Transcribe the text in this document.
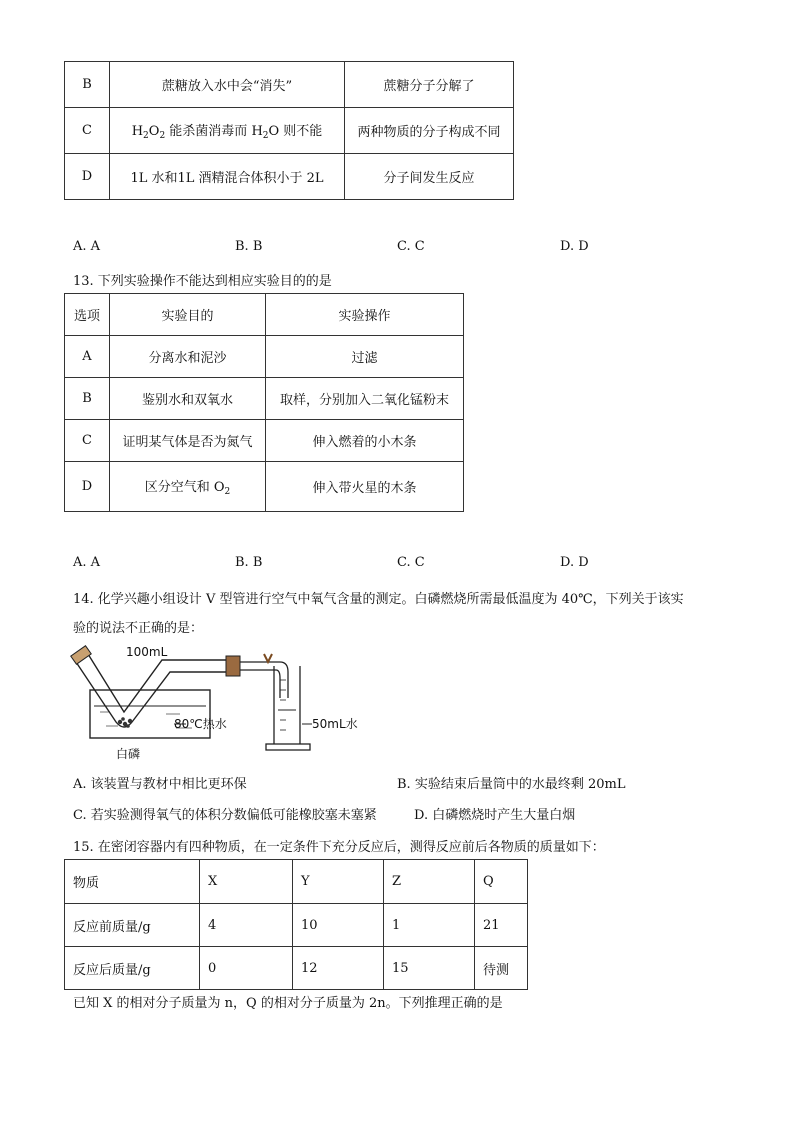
B	蔗糖放入水中会“消失”	蔗糖分子分解了
C	$H_2O_2$ 能杀菌消毒而 $H_2O$ 则不能	两种物质的分子构成不同
D	1L 水和1L 酒精混合体积小于 2L	分子间发生反应
A. A	B. B	C. C	D. D
13. 下列实验操作不能达到相应实验目的的是
选项	实验目的	实验操作
A	分离水和泥沙	过滤
B	鉴别水和双氧水	取样，分别加入二氧化锰粉末
C	证明某气体是否为氮气	伸入燃着的小木条
D	区分空气和 $O_2$	伸入带火星的木条
A. A	B. B	C. C	D. D
14. 化学兴趣小组设计 V 型管进行空气中氧气含量的测定。白磷燃烧所需最低温度为 40℃，下列关于该实
验的说法不正确的是：
100mL
80℃热水
白磷
50mL水
A. 该装置与教材中相比更环保	B. 实验结束后量筒中的水最终剩 20mL
C. 若实验测得氧气的体积分数偏低可能橡胶塞未塞紧	D. 白磷燃烧时产生大量白烟
15. 在密闭容器内有四种物质，在一定条件下充分反应后，测得反应前后各物质的质量如下：
物质	X	Y	Z	Q
反应前质量/g	4	10	1	21
反应后质量/g	0	12	15	待测
已知 X 的相对分子质量为 n，Q 的相对分子质量为 2n。下列推理正确的是
